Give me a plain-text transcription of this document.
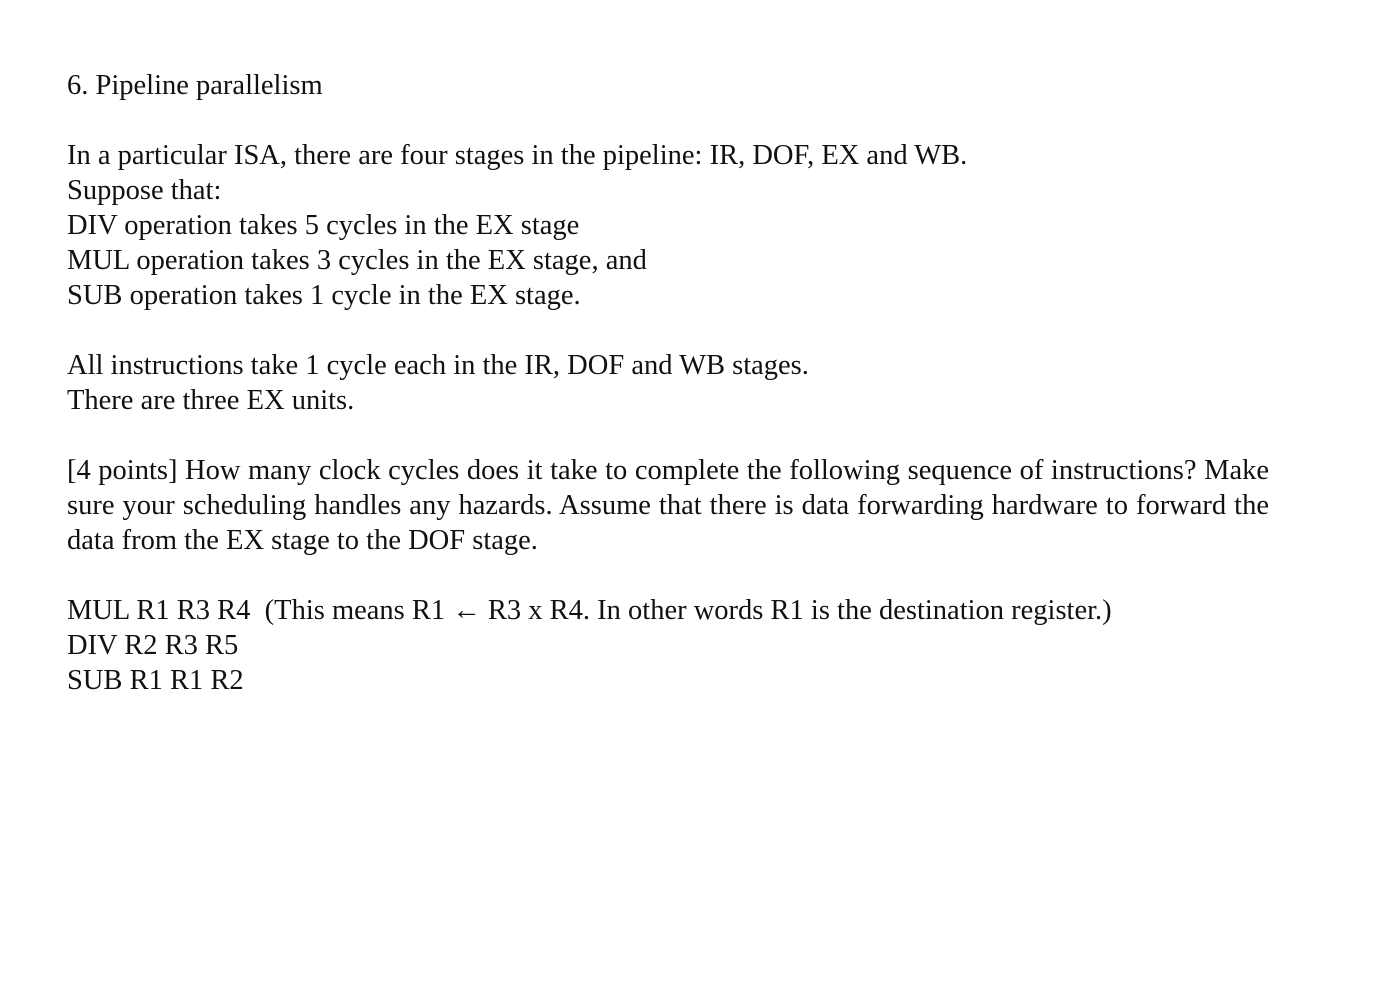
6. Pipeline parallelism
In a particular ISA, there are four stages in the pipeline: IR, DOF, EX and WB.
Suppose that:
DIV operation takes 5 cycles in the EX stage
MUL operation takes 3 cycles in the EX stage, and
SUB operation takes 1 cycle in the EX stage.
All instructions take 1 cycle each in the IR, DOF and WB stages.
There are three EX units.
[4 points] How many clock cycles does it take to complete the following sequence of instructions? Make sure your scheduling handles any hazards. Assume that there is data forwarding hardware to forward the data from the EX stage to the DOF stage.
MUL R1 R3 R4  (This means R1 ← R3 x R4. In other words R1 is the destination register.)
DIV R2 R3 R5
SUB R1 R1 R2
